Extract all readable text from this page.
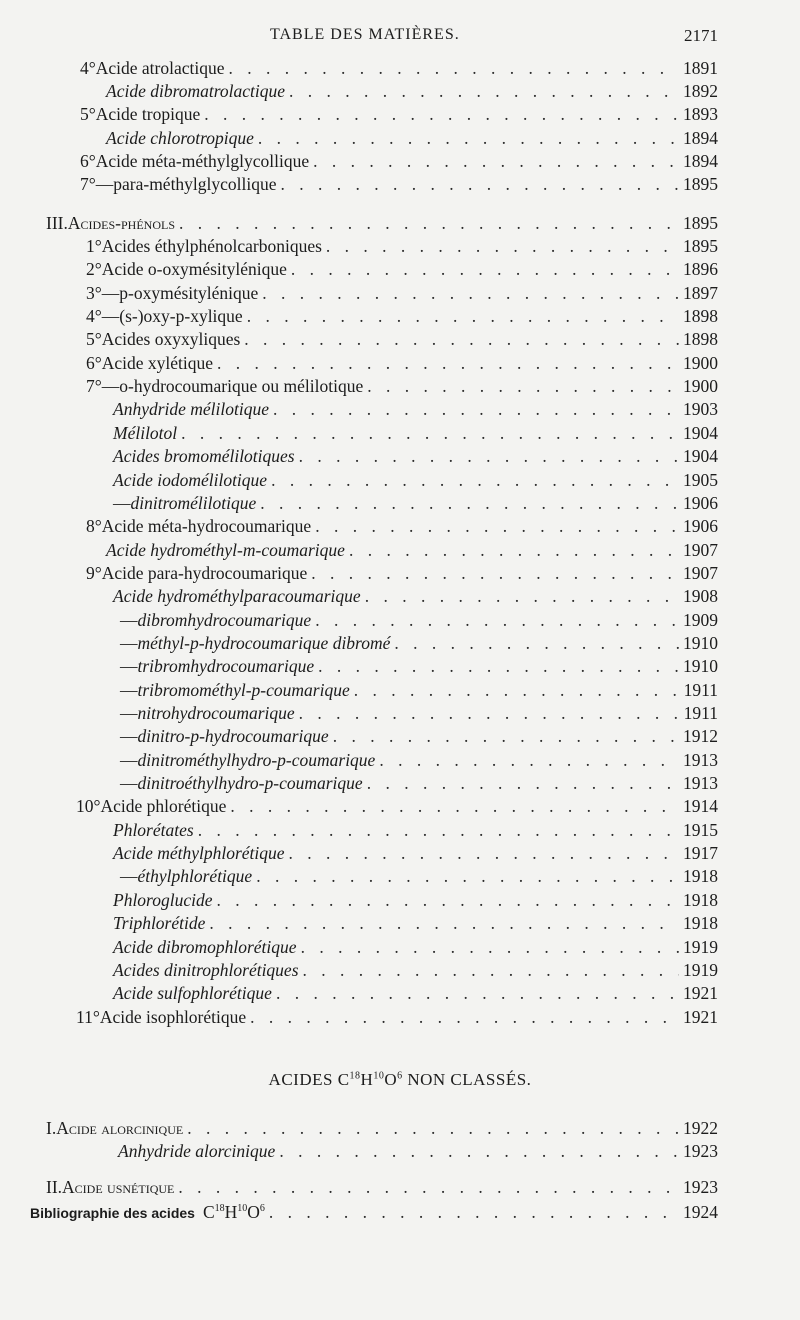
TABLE DES MATIÈRES.	2171
4° Acide atrolactique . . .	1891
Acide dibromatrolactique . . .	1892
5° Acide tropique . . .	1893
Acide chlorotropique . . .	1894
6° Acide méta-méthylglycollique . . .	1894
7° — para-méthylglycollique . . .	1895
III. Acides-phénols . . .	1895
1° Acides éthylphénolcarboniques . . .	1895
2° Acide o-oxymésitylénique . . .	1896
3° — p-oxymésitylénique . . .	1897
4° — (s-)oxy-p-xylique . . .	1898
5° Acides oxyxyliques . . .	1898
6° Acide xylétique . . .	1900
7° — o-hydrocoumarique ou mélilotique . . .	1900
Anhydride mélilotique . . .	1903
Mélilotol . . .	1904
Acides bromomélilotiques . . .	1904
Acide iodomélilotique . . .	1905
— dinitromélilotique . . .	1906
8° Acide méta-hydrocoumarique . . .	1906
Acide hydrométhyl-m-coumarique . . .	1907
9° Acide para-hydrocoumarique . . .	1907
Acide hydrométhylparacoumarique . . .	1908
— dibromhydrocoumarique . . .	1909
— méthyl-p-hydrocoumarique dibromé . . .	1910
— tribromhydrocoumarique . . .	1910
— tribromométhyl-p-coumarique . . .	1911
— nitrohydrocoumarique . . .	1911
— dinitro-p-hydrocoumarique . . .	1912
— dinitrométhylhydro-p-coumarique . . .	1913
— dinitroéthylhydro-p-coumarique . . .	1913
10° Acide phlorétique . . .	1914
Phlorétates . . .	1915
Acide méthylphlorétique . . .	1917
— éthylphlorétique . . .	1918
Phloroglucide . . .	1918
Triphlorétide . . .	1918
Acide dibromophlorétique . . .	1919
Acides dinitrophlorétiques . . .	1919
Acide sulfophlorétique . . .	1921
11° Acide isophlorétique . . .	1921
I. Acide alorcinique . . .	1922
Anhydride alorcinique . . .	1923
II. Acide usnétique . . .	1923
Bibliographie des acides $C^{18}H^{10}O^6$ . . .	1924
ACIDES $C^{18}H^{10}O^6$ NON CLASSÉS.
